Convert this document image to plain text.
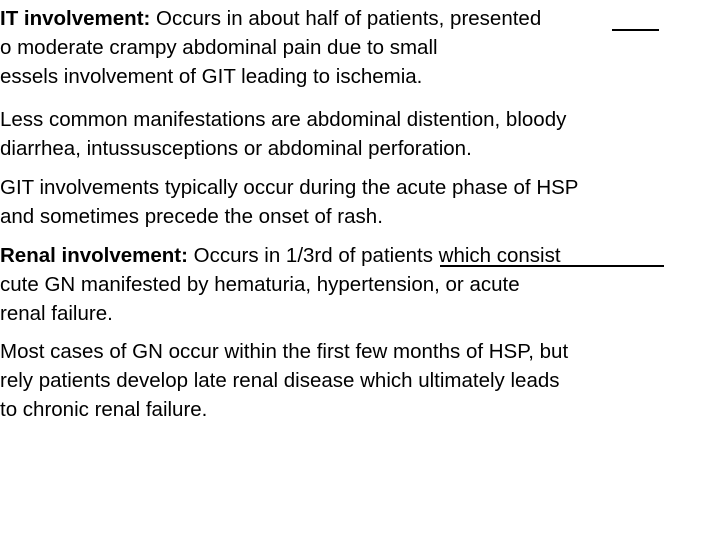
IT involvement: Occurs in about half of patients, presented

o moderate crampy abdominal pain due to small

essels involvement of GIT leading to ischemia.

Less common manifestations are abdominal distention, bloody

diarrhea, intussusceptions or abdominal perforation.

GIT involvements typically occur during the acute phase of HSP

and sometimes precede the onset of rash.

Renal involvement: Occurs in 1/3rd of patients which consist

cute GN manifested by hematuria, hypertension, or acute

renal failure.

Most cases of GN occur within the first few months of HSP, but

rely patients develop late renal disease which ultimately leads

to chronic renal failure.
